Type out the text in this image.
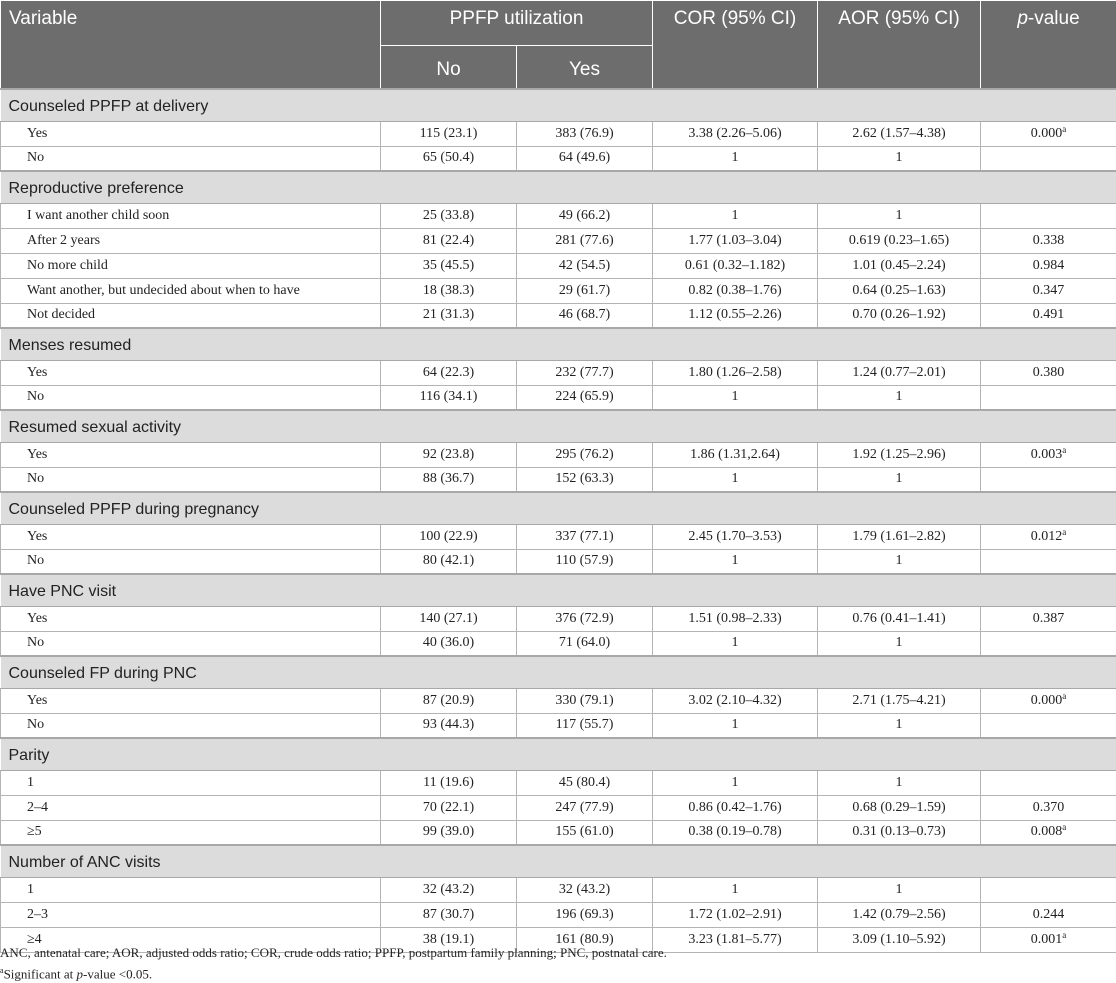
Variable	PPFP utilization		COR (95% CI)	AOR (95% CI)	p-value
	No	Yes			
Counseled PPFP at delivery					
Yes	115 (23.1)	383 (76.9)	3.38 (2.26–5.06)	2.62 (1.57–4.38)	0.000$^a$
No	65 (50.4)	64 (49.6)	1	1	
Reproductive preference					
I want another child soon	25 (33.8)	49 (66.2)	1	1	
After 2 years	81 (22.4)	281 (77.6)	1.77 (1.03–3.04)	0.619 (0.23–1.65)	0.338
No more child	35 (45.5)	42 (54.5)	0.61 (0.32–1.182)	1.01 (0.45–2.24)	0.984
Want another, but undecided about when to have	18 (38.3)	29 (61.7)	0.82 (0.38–1.76)	0.64 (0.25–1.63)	0.347
Not decided	21 (31.3)	46 (68.7)	1.12 (0.55–2.26)	0.70 (0.26–1.92)	0.491
Menses resumed					
Yes	64 (22.3)	232 (77.7)	1.80 (1.26–2.58)	1.24 (0.77–2.01)	0.380
No	116 (34.1)	224 (65.9)	1	1	
Resumed sexual activity					
Yes	92 (23.8)	295 (76.2)	1.86 (1.31,2.64)	1.92 (1.25–2.96)	0.003$^a$
No	88 (36.7)	152 (63.3)	1	1	
Counseled PPFP during pregnancy					
Yes	100 (22.9)	337 (77.1)	2.45 (1.70–3.53)	1.79 (1.61–2.82)	0.012$^a$
No	80 (42.1)	110 (57.9)	1	1	
Have PNC visit					
Yes	140 (27.1)	376 (72.9)	1.51 (0.98–2.33)	0.76 (0.41–1.41)	0.387
No	40 (36.0)	71 (64.0)	1	1	
Counseled FP during PNC					
Yes	87 (20.9)	330 (79.1)	3.02 (2.10–4.32)	2.71 (1.75–4.21)	0.000$^a$
No	93 (44.3)	117 (55.7)	1	1	
Parity					
1	11 (19.6)	45 (80.4)	1	1	
2–4	70 (22.1)	247 (77.9)	0.86 (0.42–1.76)	0.68 (0.29–1.59)	0.370
≥5	99 (39.0)	155 (61.0)	0.38 (0.19–0.78)	0.31 (0.13–0.73)	0.008$^a$
Number of ANC visits					
1	32 (43.2)	32 (43.2)	1	1	
2–3	87 (30.7)	196 (69.3)	1.72 (1.02–2.91)	1.42 (0.79–2.56)	0.244
≥4	38 (19.1)	161 (80.9)	3.23 (1.81–5.77)	3.09 (1.10–5.92)	0.001$^a$
ANC, antenatal care; AOR, adjusted odds ratio; COR, crude odds ratio; PPFP, postpartum family planning; PNC, postnatal care.
$^a$Significant at p-value <0.05.
